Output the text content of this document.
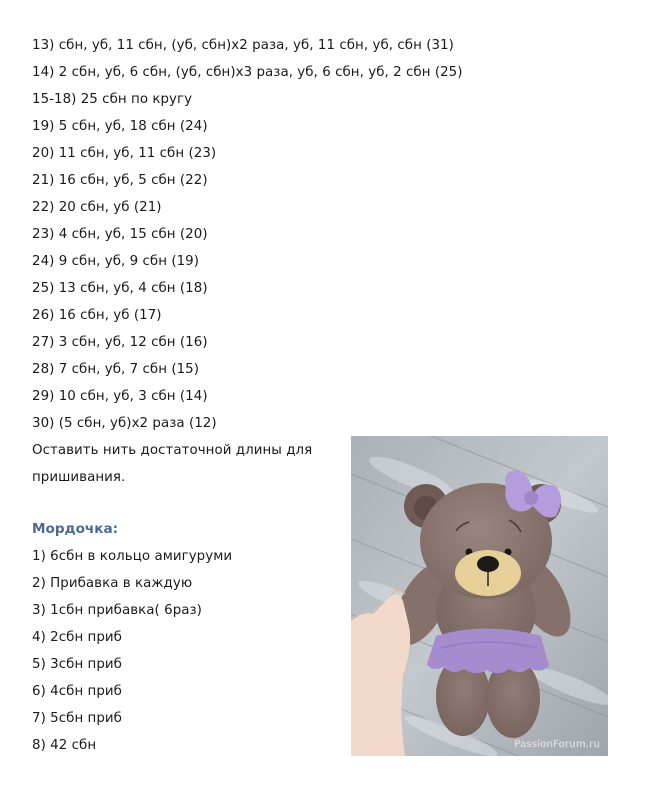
13) сбн, уб, 11 сбн, (уб, сбн)х2 раза, уб, 11 сбн, уб, сбн (31)
14) 2 сбн, уб, 6 сбн, (уб, сбн)х3 раза, уб, 6 сбн, уб, 2 сбн (25)
15-18) 25 сбн по кругу
19) 5 сбн, уб, 18 сбн (24)
20) 11 сбн, уб, 11 сбн (23)
21) 16 сбн, уб, 5 сбн (22)
22) 20 сбн, уб (21)
23) 4 сбн, уб, 15 сбн (20)
24) 9 сбн, уб, 9 сбн (19)
25) 13 сбн, уб, 4 сбн (18)
26) 16 сбн, уб (17)
27) 3 сбн, уб, 12 сбн (16)
28) 7 сбн, уб, 7 сбн (15)
29) 10 сбн, уб, 3 сбн (14)
30) (5 сбн, уб)х2 раза (12)
Оставить нить достаточной длины для
пришивания.
Мордочка:
1) 6сбн в кольцо амигуруми
2) Прибавка в каждую
3) 1сбн прибавка( 6раз)
4) 2сбн приб
5) 3сбн приб
6) 4сбн приб
7) 5сбн приб
8) 42 сбн	PassionForum.ru
